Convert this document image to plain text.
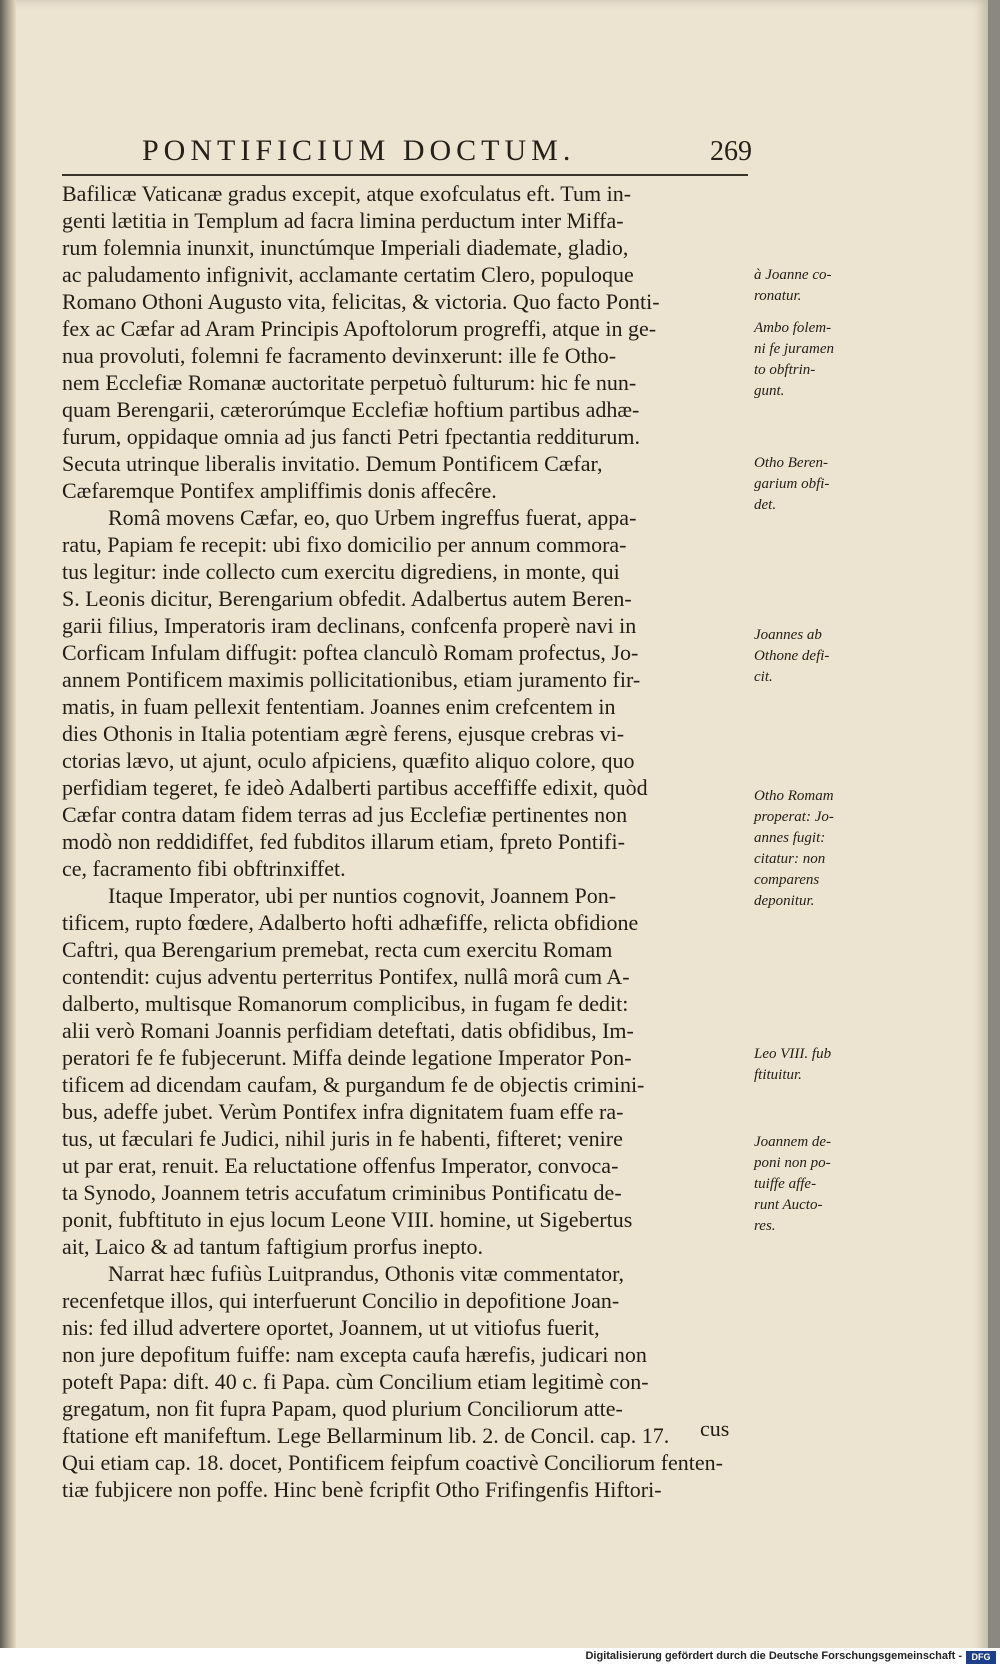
PONTIFICIUM DOCTUM.	269
Bafilicæ Vaticanæ gradus excepit, atque exofculatus eft. Tum in-
genti lætitia in Templum ad facra limina perductum inter Miffa-
rum folemnia inunxit, inunctúmque Imperiali diademate, gladio,
ac paludamento infignivit, acclamante certatim Clero, populoque
Romano Othoni Augusto vita, felicitas, & victoria. Quo facto Ponti-
fex ac Cæfar ad Aram Principis Apoftolorum progreffi, atque in ge-
nua provoluti, folemni fe facramento devinxerunt: ille fe Otho-
nem Ecclefiæ Romanæ auctoritate perpetuò fulturum: hic fe nun-
quam Berengarii, cæterorúmque Ecclefiæ hoftium partibus adhæ-
furum, oppidaque omnia ad jus fancti Petri fpectantia redditurum.
Secuta utrinque liberalis invitatio. Demum Pontificem Cæfar,
Cæfaremque Pontifex ampliffimis donis affecêre.
Româ movens Cæfar, eo, quo Urbem ingreffus fuerat, appa-
ratu, Papiam fe recepit: ubi fixo domicilio per annum commora-
tus legitur: inde collecto cum exercitu digrediens, in monte, qui
S. Leonis dicitur, Berengarium obfedit. Adalbertus autem Beren-
garii filius, Imperatoris iram declinans, confcenfa properè navi in
Corficam Infulam diffugit: poftea clanculò Romam profectus, Jo-
annem Pontificem maximis pollicitationibus, etiam juramento fir-
matis, in fuam pellexit fententiam. Joannes enim crefcentem in
dies Othonis in Italia potentiam ægrè ferens, ejusque crebras vi-
ctorias lævo, ut ajunt, oculo afpiciens, quæfito aliquo colore, quo
perfidiam tegeret, fe ideò Adalberti partibus acceffiffe edixit, quòd
Cæfar contra datam fidem terras ad jus Ecclefiæ pertinentes non
modò non reddidiffet, fed fubditos illarum etiam, fpreto Pontifi-
ce, facramento fibi obftrinxiffet.
Itaque Imperator, ubi per nuntios cognovit, Joannem Pon-
tificem, rupto fœdere, Adalberto hofti adhæfiffe, relicta obfidione
Caftri, qua Berengarium premebat, recta cum exercitu Romam
contendit: cujus adventu perterritus Pontifex, nullâ morâ cum A-
dalberto, multisque Romanorum complicibus, in fugam fe dedit:
alii verò Romani Joannis perfidiam deteftati, datis obfidibus, Im-
peratori fe fe fubjecerunt. Miffa deinde legatione Imperator Pon-
tificem ad dicendam caufam, & purgandum fe de objectis crimini-
bus, adeffe jubet. Verùm Pontifex infra dignitatem fuam effe ra-
tus, ut fæculari fe Judici, nihil juris in fe habenti, fifteret; venire
ut par erat, renuit. Ea reluctatione offenfus Imperator, convoca-
ta Synodo, Joannem tetris accufatum criminibus Pontificatu de-
ponit, fubftituto in ejus locum Leone VIII. homine, ut Sigebertus
ait, Laico & ad tantum faftigium prorfus inepto.
Narrat hæc fufiùs Luitprandus, Othonis vitæ commentator,
recenfetque illos, qui interfuerunt Concilio in depofitione Joan-
nis: fed illud advertere oportet, Joannem, ut ut vitiofus fuerit,
non jure depofitum fuiffe: nam excepta caufa hærefis, judicari non
poteft Papa: dift. 40 c. fi Papa. cùm Concilium etiam legitimè con-
gregatum, non fit fupra Papam, quod plurium Conciliorum atte-
ftatione eft manifeftum. Lege Bellarminum lib. 2. de Concil. cap. 17.
Qui etiam cap. 18. docet, Pontificem feipfum coactivè Conciliorum fenten-
tiæ fubjicere non poffe. Hinc benè fcripfit Otho Frifingenfis Hiftori-
à Joanne co-
ronatur.
Ambo folem-
ni fe juramen
to obftrin-
gunt.
Otho Beren-
garium obfi-
det.
Joannes ab
Othone defi-
cit.
Otho Romam
properat: Jo-
annes fugit:
citatur: non
comparens
deponitur.
Leo VIII. fub
ftituitur.
Joannem de-
poni non po-
tuiffe affe-
runt Aucto-
res.
cus
Digitalisierung gefördert durch die Deutsche Forschungsgemeinschaft -	DFG
